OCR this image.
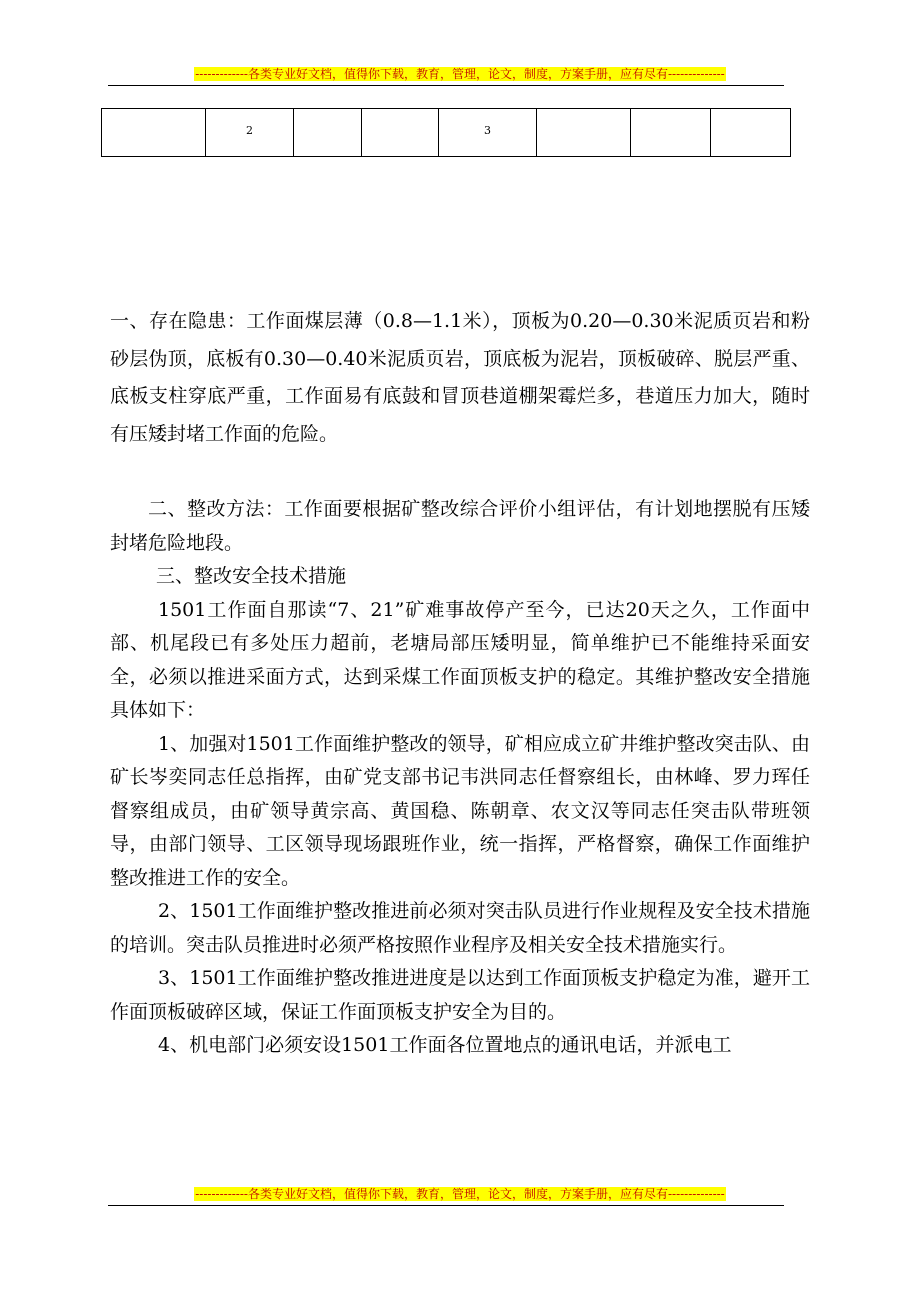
-------------各类专业好文档，值得你下载，教育，管理，论文，制度，方案手册，应有尽有--------------
	2			3			

一、存在隐患：工作面煤层薄（0.8—1.1米），顶板为0.20—0.30米泥质页岩和粉砂层伪顶，底板有0.30—0.40米泥质页岩，顶底板为泥岩，顶板破碎、脱层严重、底板支柱穿底严重，工作面易有底鼓和冒顶巷道棚架霉烂多，巷道压力加大，随时有压矮封堵工作面的危险。

二、整改方法：工作面要根据矿整改综合评价小组评估，有计划地摆脱有压矮封堵危险地段。

三、整改安全技术措施

1501工作面自那读“7、21”矿难事故停产至今，已达20天之久，工作面中部、机尾段已有多处压力超前，老塘局部压矮明显，简单维护已不能维持采面安全，必须以推进采面方式，达到采煤工作面顶板支护的稳定。其维护整改安全措施具体如下：

1、加强对1501工作面维护整改的领导，矿相应成立矿井维护整改突击队、由矿长岑奕同志任总指挥，由矿党支部书记韦洪同志任督察组长，由林峰、罗力珲任督察组成员，由矿领导黄宗高、黄国稳、陈朝章、农文汉等同志任突击队带班领导，由部门领导、工区领导现场跟班作业，统一指挥，严格督察，确保工作面维护整改推进工作的安全。

2、1501工作面维护整改推进前必须对突击队员进行作业规程及安全技术措施的培训。突击队员推进时必须严格按照作业程序及相关安全技术措施实行。

3、1501工作面维护整改推进进度是以达到工作面顶板支护稳定为准，避开工作面顶板破碎区域，保证工作面顶板支护安全为目的。

4、机电部门必须安设1501工作面各位置地点的通讯电话，并派电工

-------------各类专业好文档，值得你下载，教育，管理，论文，制度，方案手册，应有尽有--------------
